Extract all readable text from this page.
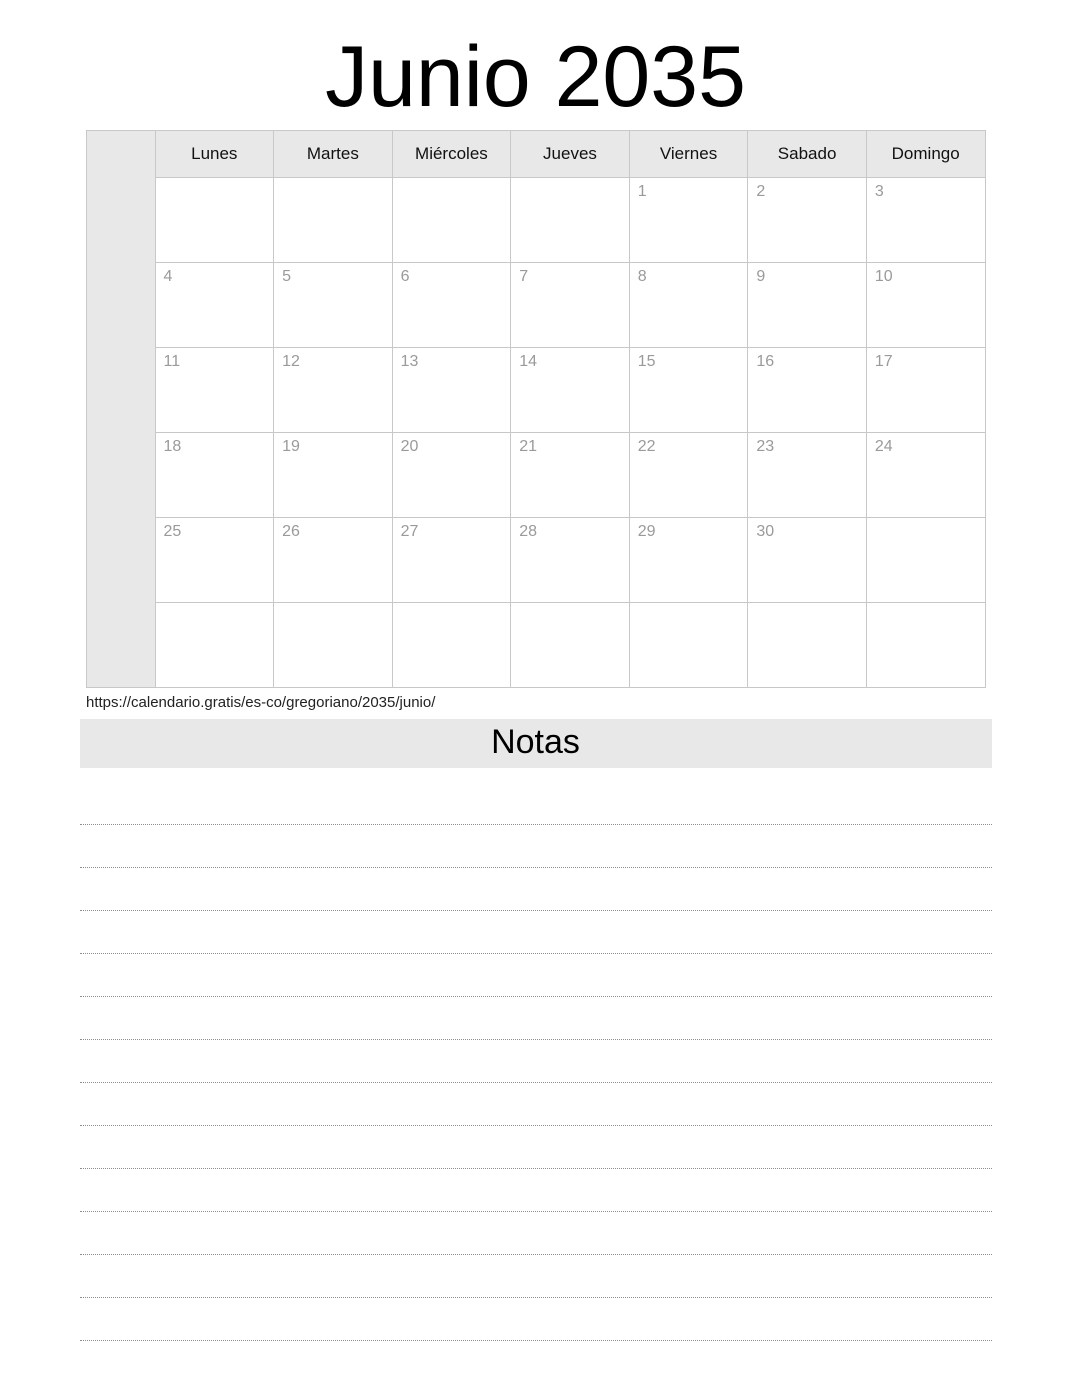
Junio 2035
	Lunes	Martes	Miércoles	Jueves	Viernes	Sabado	Domingo

					1	2	3

	4	5	6	7	8	9	10

	11	12	13	14	15	16	17

	18	19	20	21	22	23	24

	25	26	27	28	29	30	

https://calendario.gratis/es-co/gregoriano/2035/junio/
Notas
